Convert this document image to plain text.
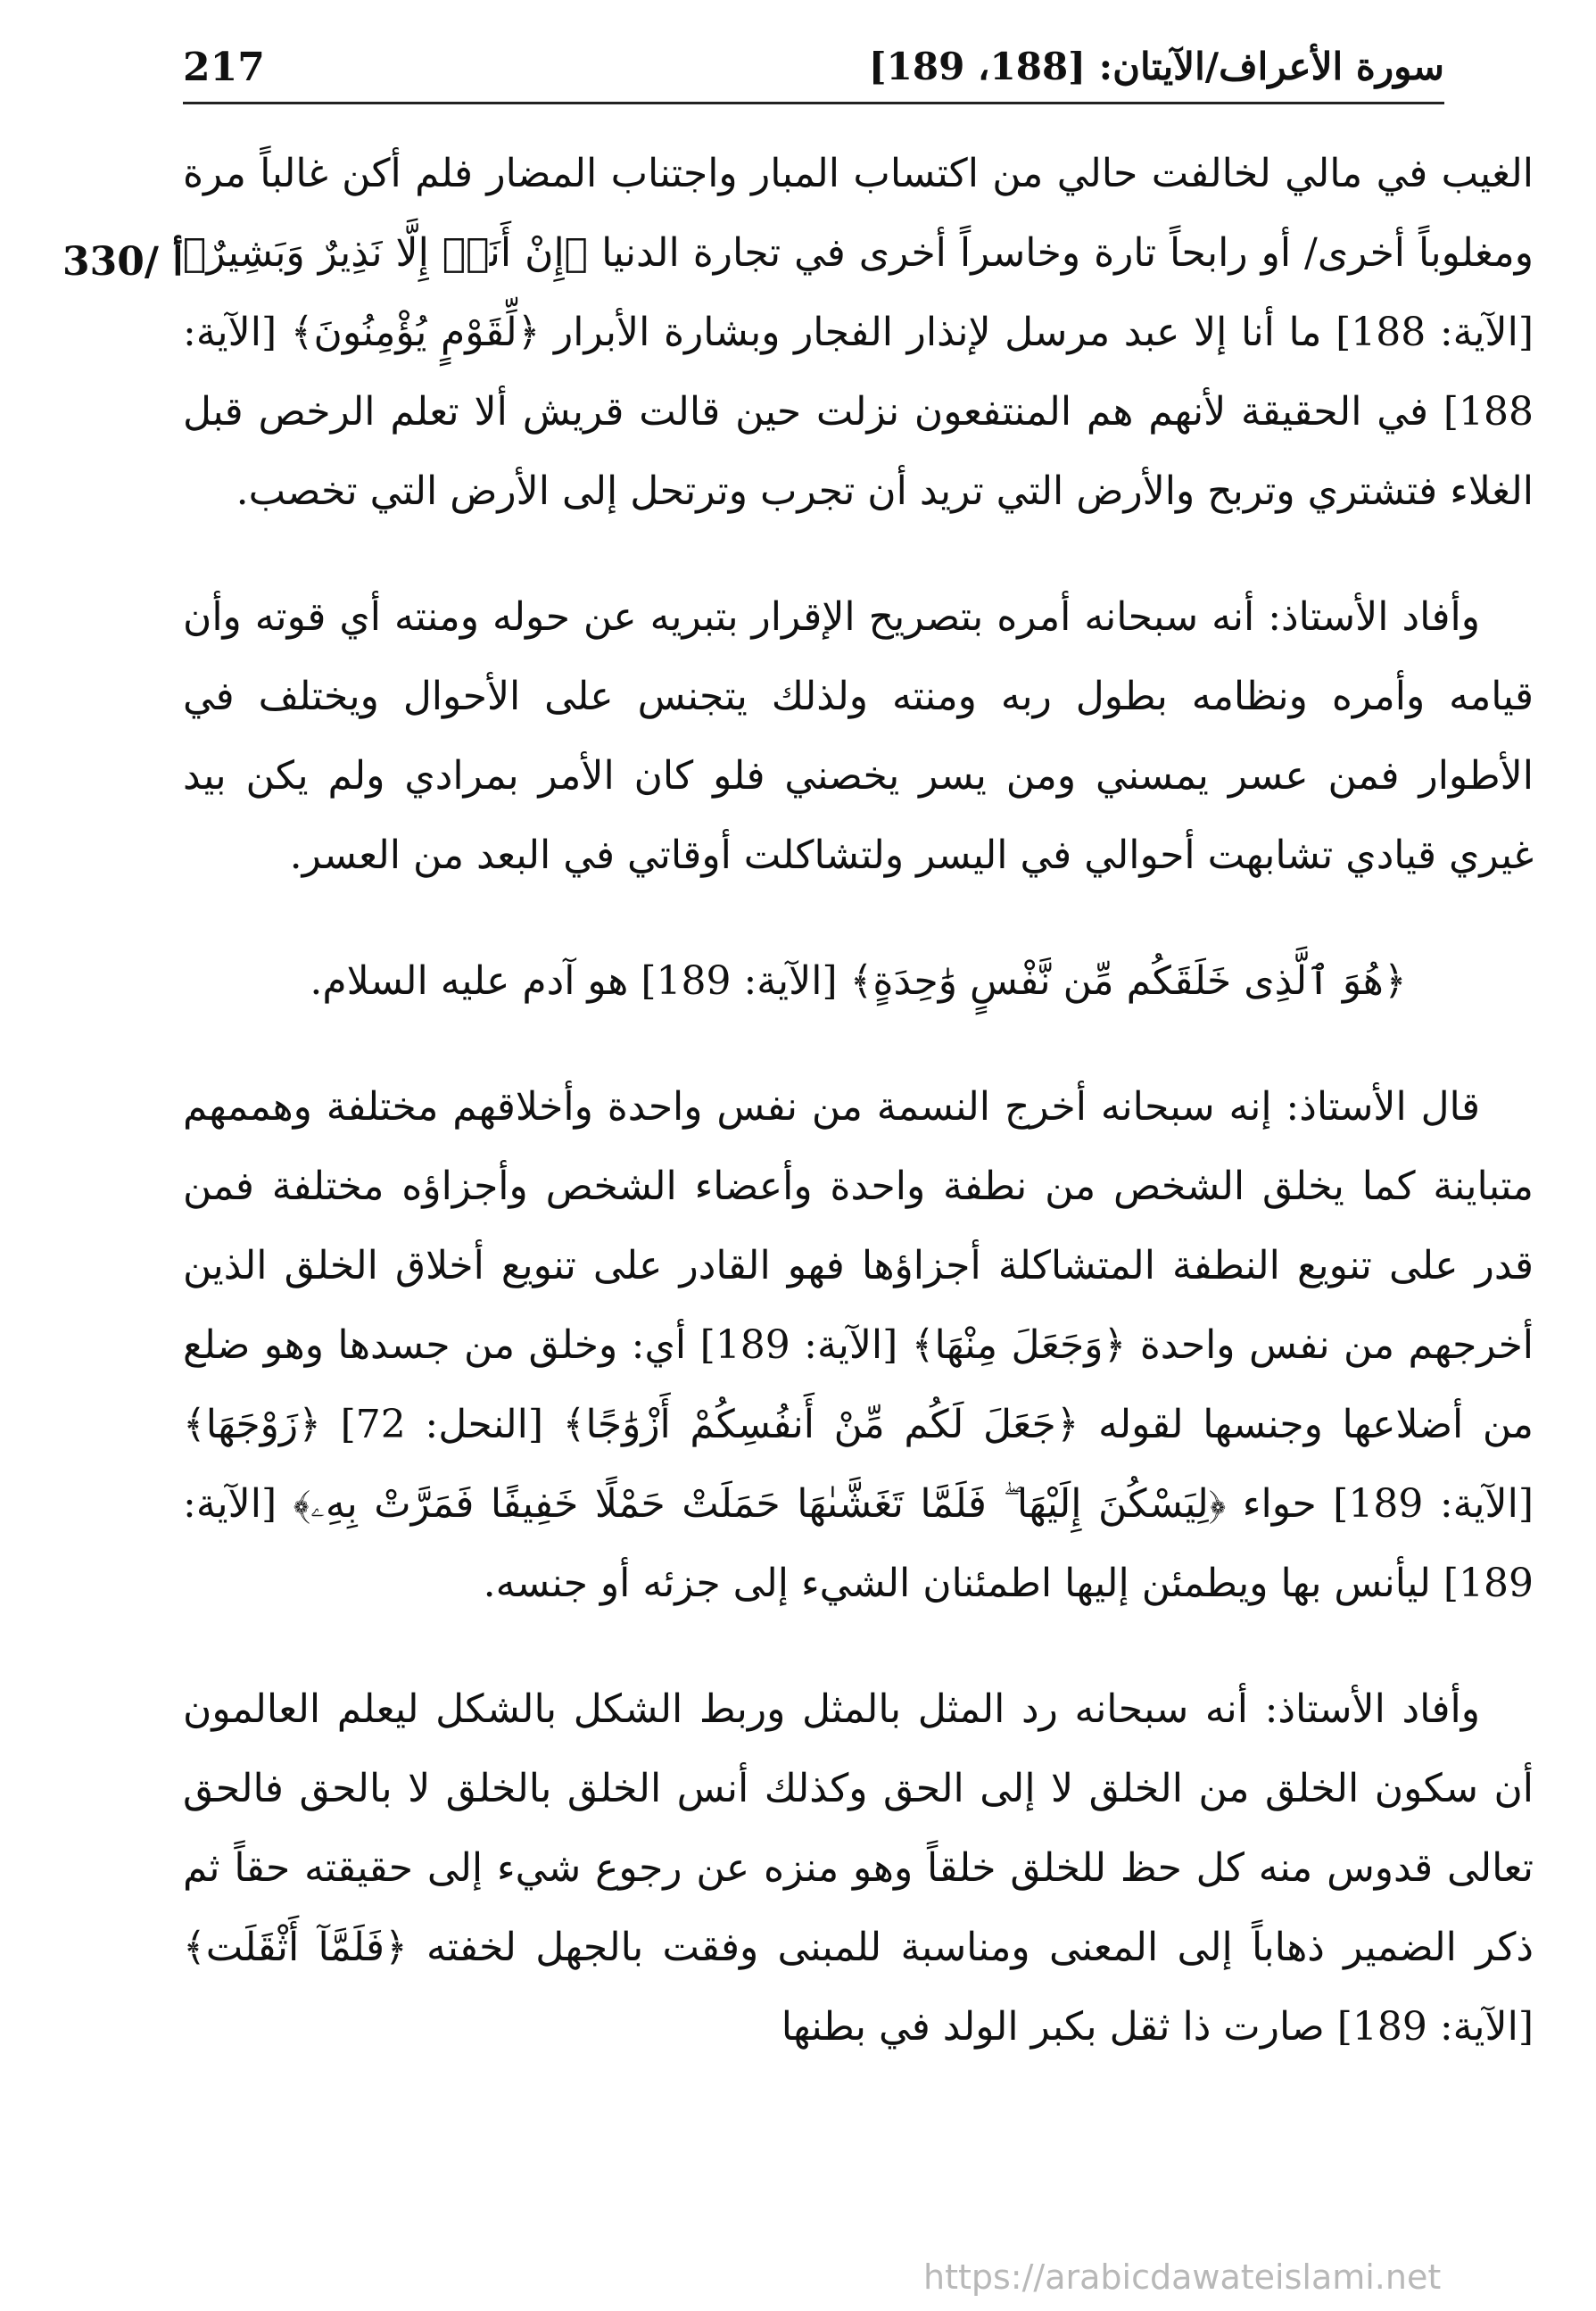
217	سورة الأعراف/الآيتان: [188، 189]
330/ أ

الغيب في مالي لخالفت حالي من اكتساب المبار واجتناب المضار فلم أكن غالباً مرة ومغلوباً أخرى/ أو رابحاً تارة وخاسراً أخرى في تجارة الدنيا ﴿إِنْ أَنَا۠ إِلَّا نَذِيرٌ وَبَشِيرٌ﴾ [الآية: 188] ما أنا إلا عبد مرسل لإنذار الفجار وبشارة الأبرار ﴿لِّقَوْمٍ يُؤْمِنُونَ﴾ [الآية: 188] في الحقيقة لأنهم هم المنتفعون نزلت حين قالت قريش ألا تعلم الرخص قبل الغلاء فتشتري وتربح والأرض التي تريد أن تجرب وترتحل إلى الأرض التي تخصب.

وأفاد الأستاذ: أنه سبحانه أمره بتصريح الإقرار بتبريه عن حوله ومنته أي قوته وأن قيامه وأمره ونظامه بطول ربه ومنته ولذلك يتجنس على الأحوال ويختلف في الأطوار فمن عسر يمسني ومن يسر يخصني فلو كان الأمر بمرادي ولم يكن بيد غيري قيادي تشابهت أحوالي في اليسر ولتشاكلت أوقاتي في البعد من العسر.

﴿هُوَ ٱلَّذِى خَلَقَكُم مِّن نَّفْسٍ وَٰحِدَةٍ﴾ [الآية: 189] هو آدم عليه السلام.

قال الأستاذ: إنه سبحانه أخرج النسمة من نفس واحدة وأخلاقهم مختلفة وهممهم متباينة كما يخلق الشخص من نطفة واحدة وأعضاء الشخص وأجزاؤه مختلفة فمن قدر على تنويع النطفة المتشاكلة أجزاؤها فهو القادر على تنويع أخلاق الخلق الذين أخرجهم من نفس واحدة ﴿وَجَعَلَ مِنْهَا﴾ [الآية: 189] أي: وخلق من جسدها وهو ضلع من أضلاعها وجنسها لقوله ﴿جَعَلَ لَكُم مِّنْ أَنفُسِكُمْ أَزْوَٰجًا﴾ [النحل: 72] ﴿زَوْجَهَا﴾ [الآية: 189] حواء ﴿لِيَسْكُنَ إِلَيْهَا ۖ فَلَمَّا تَغَشَّىٰهَا حَمَلَتْ حَمْلًا خَفِيفًا فَمَرَّتْ بِهِۦ﴾ [الآية: 189] ليأنس بها ويطمئن إليها اطمئنان الشيء إلى جزئه أو جنسه.

وأفاد الأستاذ: أنه سبحانه رد المثل بالمثل وربط الشكل بالشكل ليعلم العالمون أن سكون الخلق من الخلق لا إلى الحق وكذلك أنس الخلق بالخلق لا بالحق فالحق تعالى قدوس منه كل حظ للخلق خلقاً وهو منزه عن رجوع شيء إلى حقيقته حقاً ثم ذكر الضمير ذهاباً إلى المعنى ومناسبة للمبنى وفقت بالجهل لخفته ﴿فَلَمَّآ أَثْقَلَت﴾ [الآية: 189] صارت ذا ثقل بكبر الولد في بطنها

https://arabicdawateislami.net
